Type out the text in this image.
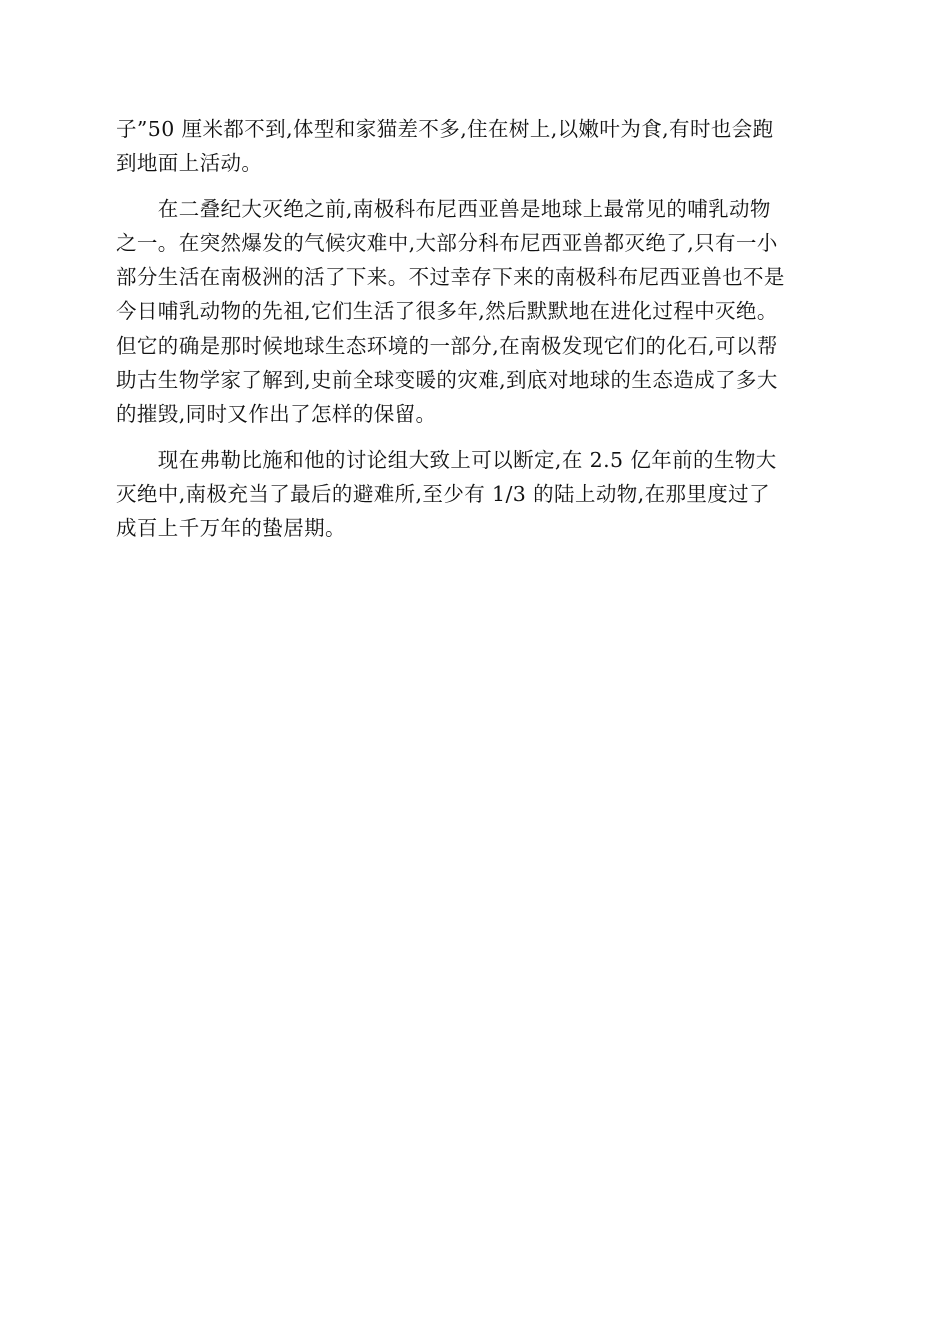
子”50 厘米都不到,体型和家猫差不多,住在树上,以嫩叶为食,有时也会跑
到地面上活动。
　　在二叠纪大灭绝之前,南极科布尼西亚兽是地球上最常见的哺乳动物
之一。在突然爆发的气候灾难中,大部分科布尼西亚兽都灭绝了,只有一小
部分生活在南极洲的活了下来。不过幸存下来的南极科布尼西亚兽也不是
今日哺乳动物的先祖,它们生活了很多年,然后默默地在进化过程中灭绝。
但它的确是那时候地球生态环境的一部分,在南极发现它们的化石,可以帮
助古生物学家了解到,史前全球变暖的灾难,到底对地球的生态造成了多大
的摧毁,同时又作出了怎样的保留。
　　现在弗勒比施和他的讨论组大致上可以断定,在 2.5 亿年前的生物大
灭绝中,南极充当了最后的避难所,至少有 1/3 的陆上动物,在那里度过了
成百上千万年的蛰居期。
